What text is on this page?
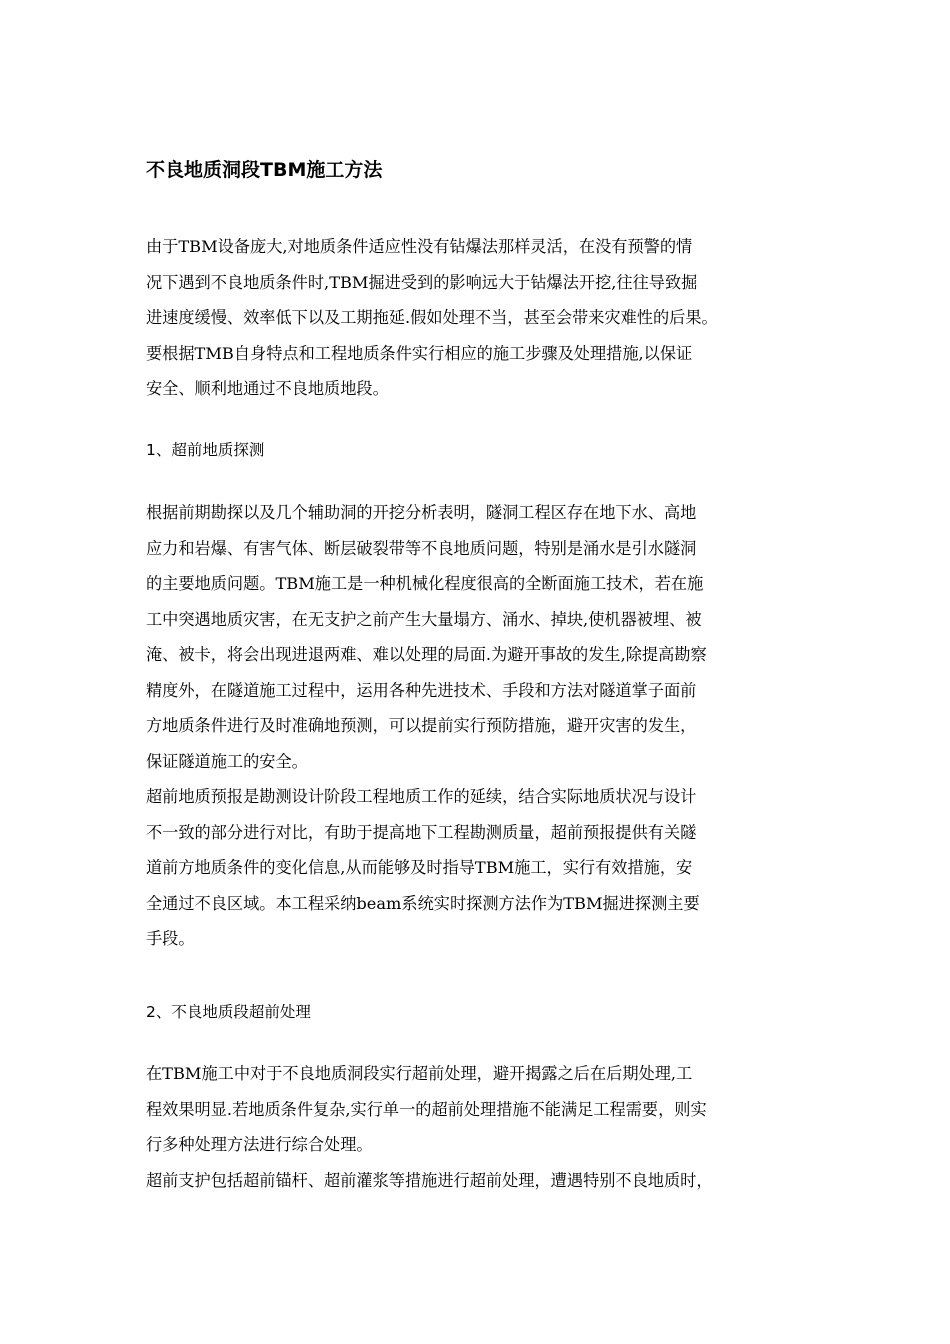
不良地质洞段TBM施工方法
由于TBM设备庞大,对地质条件适应性没有钻爆法那样灵活，在没有预警的情
况下遇到不良地质条件时,TBM掘进受到的影响远大于钻爆法开挖,往往导致掘
进速度缓慢、效率低下以及工期拖延.假如处理不当，甚至会带来灾难性的后果。
要根据TMB自身特点和工程地质条件实行相应的施工步骤及处理措施,以保证
安全、顺利地通过不良地质地段。
1、超前地质探测
根据前期勘探以及几个辅助洞的开挖分析表明，隧洞工程区存在地下水、高地
应力和岩爆、有害气体、断层破裂带等不良地质问题，特别是涌水是引水隧洞
的主要地质问题。TBM施工是一种机械化程度很高的全断面施工技术，若在施
工中突遇地质灾害，在无支护之前产生大量塌方、涌水、掉块,使机器被埋、被
淹、被卡，将会出现进退两难、难以处理的局面.为避开事故的发生,除提高勘察
精度外，在隧道施工过程中，运用各种先进技术、手段和方法对隧道掌子面前
方地质条件进行及时准确地预测，可以提前实行预防措施，避开灾害的发生，
保证隧道施工的安全。
超前地质预报是勘测设计阶段工程地质工作的延续，结合实际地质状况与设计
不一致的部分进行对比，有助于提高地下工程勘测质量，超前预报提供有关隧
道前方地质条件的变化信息,从而能够及时指导TBM施工，实行有效措施，安
全通过不良区域。本工程采纳beam系统实时探测方法作为TBM掘进探测主要
手段。
2、不良地质段超前处理
在TBM施工中对于不良地质洞段实行超前处理，避开揭露之后在后期处理,工
程效果明显.若地质条件复杂,实行单一的超前处理措施不能满足工程需要，则实
行多种处理方法进行综合处理。
超前支护包括超前锚杆、超前灌浆等措施进行超前处理，遭遇特别不良地质时，
